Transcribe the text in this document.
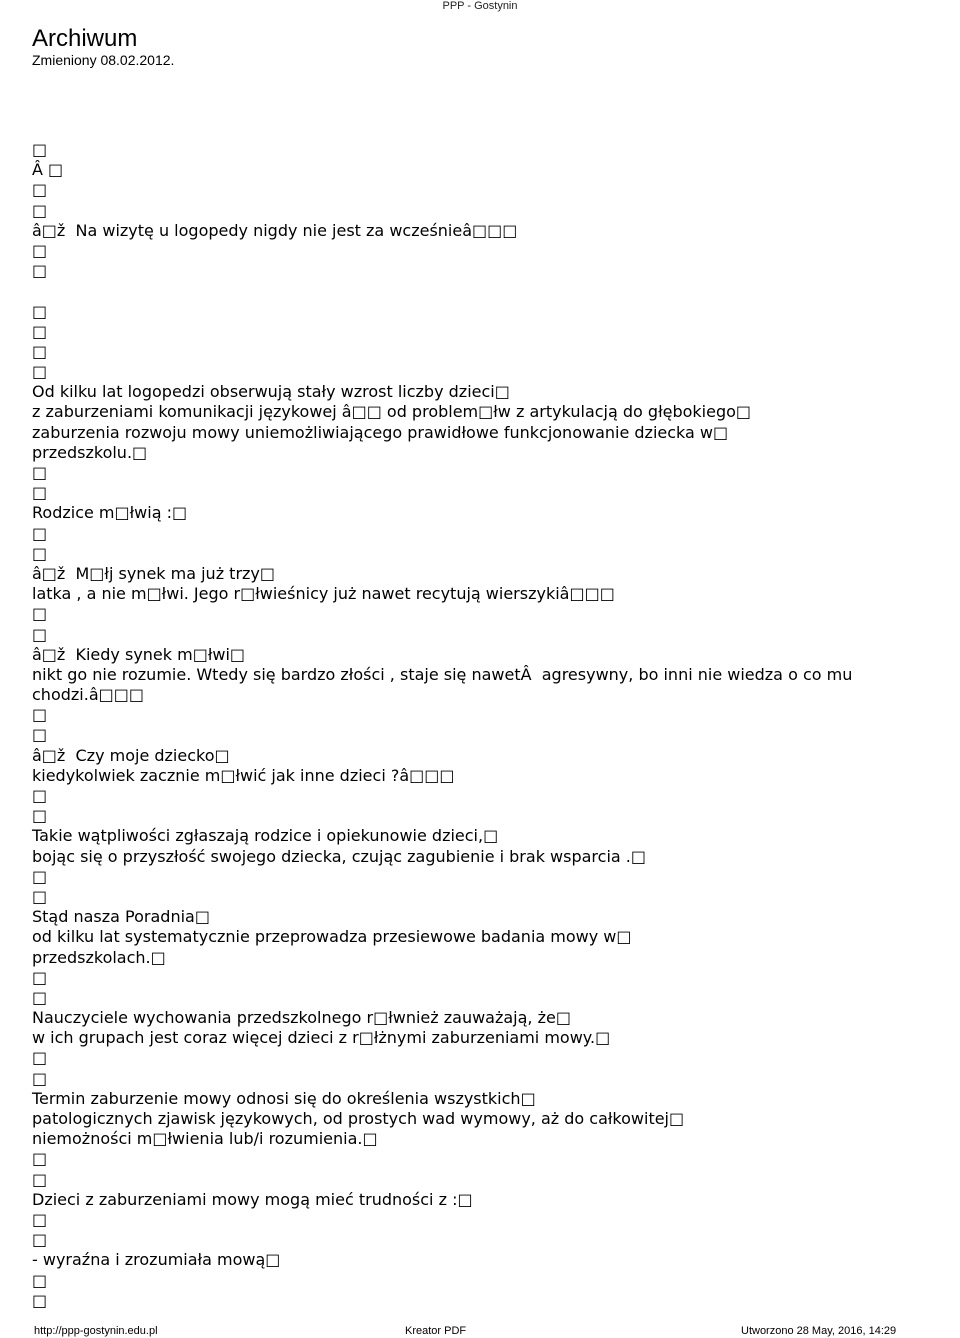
PPP - Gostynin
Archiwum
Zmieniony 08.02.2012.
□
Â □
□
□
â□ž  Na wizytę u logopedy nigdy nie jest za wcześnieâ□□□
□
□
□
□
□
□
Od kilku lat logopedzi obserwują stały wzrost liczby dzieci□
z zaburzeniami komunikacji językowej â□□ od problem□łw z artykulacją do głębokiego□
zaburzenia rozwoju mowy uniemożliwiającego prawidłowe funkcjonowanie dziecka w□
przedszkolu.□
□
□
Rodzice m□łwią :□
□
□
â□ž  M□łj synek ma już trzy□
latka , a nie m□łwi. Jego r□łwieśnicy już nawet recytują wierszykiâ□□□
□
□
â□ž  Kiedy synek m□łwi□
nikt go nie rozumie. Wtedy się bardzo złości , staje się nawetÂ  agresywny, bo inni nie wiedza o co mu
chodzi.â□□□
□
□
â□ž  Czy moje dziecko□
kiedykolwiek zacznie m□łwić jak inne dzieci ?â□□□
□
□
Takie wątpliwości zgłaszają rodzice i opiekunowie dzieci,□
bojąc się o przyszłość swojego dziecka, czując zagubienie i brak wsparcia .□
□
□
Stąd nasza Poradnia□
od kilku lat systematycznie przeprowadza przesiewowe badania mowy w□
przedszkolach.□
□
□
Nauczyciele wychowania przedszkolnego r□łwnież zauważają, że□
w ich grupach jest coraz więcej dzieci z r□łżnymi zaburzeniami mowy.□
□
□
Termin zaburzenie mowy odnosi się do określenia wszystkich□
patologicznych zjawisk językowych, od prostych wad wymowy, aż do całkowitej□
niemożności m□łwienia lub/i rozumienia.□
□
□
Dzieci z zaburzeniami mowy mogą mieć trudności z :□
□
□
- wyraźna i zrozumiała mową□
□
□
http://ppp-gostynin.edu.pl	Kreator PDF	Utworzono 28 May, 2016, 14:29
